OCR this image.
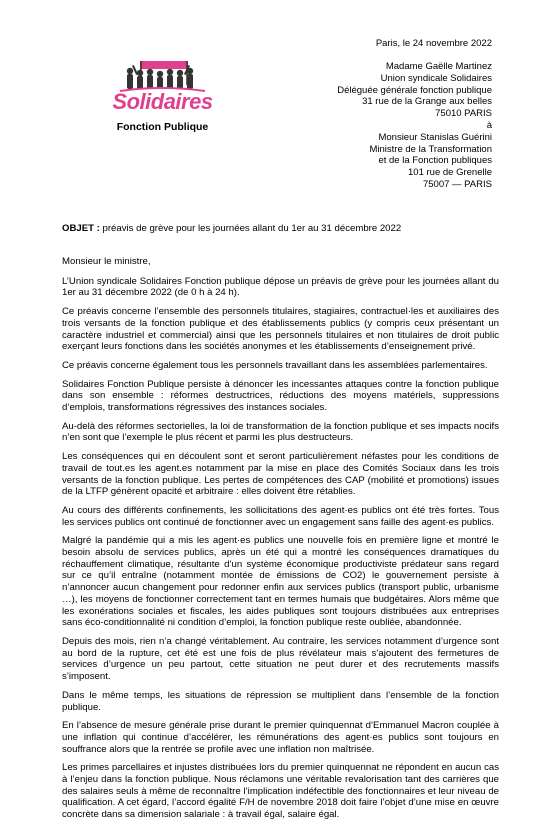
Solidaires
Fonction Publique
Paris, le 24 novembre 2022
Madame Gaëlle Martinez
Union syndicale Solidaires
Déléguée générale fonction publique
31 rue de la Grange aux belles
75010 PARIS
à
Monsieur Stanislas Guérini
Ministre de la Transformation
et de la Fonction publiques
101 rue de Grenelle
75007 — PARIS
OBJET : préavis de grève pour les journées allant du 1er au 31 décembre 2022

Monsieur le ministre,

L’Union syndicale Solidaires Fonction publique dépose un préavis de grève pour les journées allant du 1er au 31 décembre 2022 (de 0 h à 24 h).

Ce préavis concerne l’ensemble des personnels titulaires, stagiaires, contractuel·les et auxiliaires des trois versants de la fonction publique et des établissements publics (y compris ceux présentant un caractère industriel et commercial) ainsi que les personnels titulaires et non titulaires de droit public exerçant leurs fonctions dans les sociétés anonymes et les établissements d’enseignement privé.

Ce préavis concerne également tous les personnels travaillant dans les assemblées parlementaires.

Solidaires Fonction Publique persiste à dénoncer les incessantes attaques contre la fonction publique dans son ensemble : réformes destructrices, réductions des moyens matériels, suppressions d’emplois, transformations régressives des instances sociales.

Au-delà des réformes sectorielles, la loi de transformation de la fonction publique et ses impacts nocifs n’en sont que l’exemple le plus récent et parmi les plus destructeurs.

Les conséquences qui en découlent sont et seront particulièrement néfastes pour les conditions de travail de tout.es les agent.es notamment par la mise en place des Comités Sociaux dans les trois versants de la fonction publique. Les pertes de compétences des CAP (mobilité et promotions) issues de la LTFP génèrent opacité et arbitraire : elles doivent être rétablies.

Au cours des différents confinements, les sollicitations des agent·es publics ont été très fortes. Tous les services publics ont continué de fonctionner avec un engagement sans faille des agent·es publics.

Malgré la pandémie qui a mis les agent·es publics une nouvelle fois en première ligne et montré le besoin absolu de services publics, après un été qui a montré les conséquences dramatiques du réchauffement climatique, résultante d’un système économique productiviste prédateur sans regard sur ce qu’il entraîne (notamment montée de émissions de CO2) le gouvernement persiste à n’annoncer aucun changement pour redonner enfin aux services publics (transport public, urbanisme …), les moyens de fonctionner correctement tant en termes humais que budgétaires. Alors même que les exonérations sociales et fiscales, les aides publiques sont toujours distribuées aux entreprises sans éco-conditionnalité ni condition d’emploi, la fonction publique reste oubliée, abandonnée.

Depuis des mois, rien n’a changé véritablement. Au contraire, les services notamment d’urgence sont au bord de la rupture, cet été est une fois de plus révélateur mais s’ajoutent des fermetures de services d’urgence un peu partout, cette situation ne peut durer et des recrutements massifs s’imposent.

Dans le même temps, les situations de répression se multiplient dans l’ensemble de la fonction publique.

En l’absence de mesure générale prise durant le premier quinquennat d’Emmanuel Macron couplée à une inflation qui continue d’accélérer, les rémunérations des agent·es publics sont toujours en souffrance alors que la rentrée se profile avec une inflation non maîtrisée.

Les primes parcellaires et injustes distribuées lors du premier quinquennat ne répondent en aucun cas à l’enjeu dans la fonction publique. Nous réclamons une véritable revalorisation tant des carrières que des salaires seuls à même de reconnaître l’implication indéfectible des fonctionnaires et leur niveau de qualification. A cet égard, l’accord égalité F/H de novembre 2018 doit faire l’objet d’une mise en œuvre concrète dans sa dimension salariale : à travail égal, salaire égal.
